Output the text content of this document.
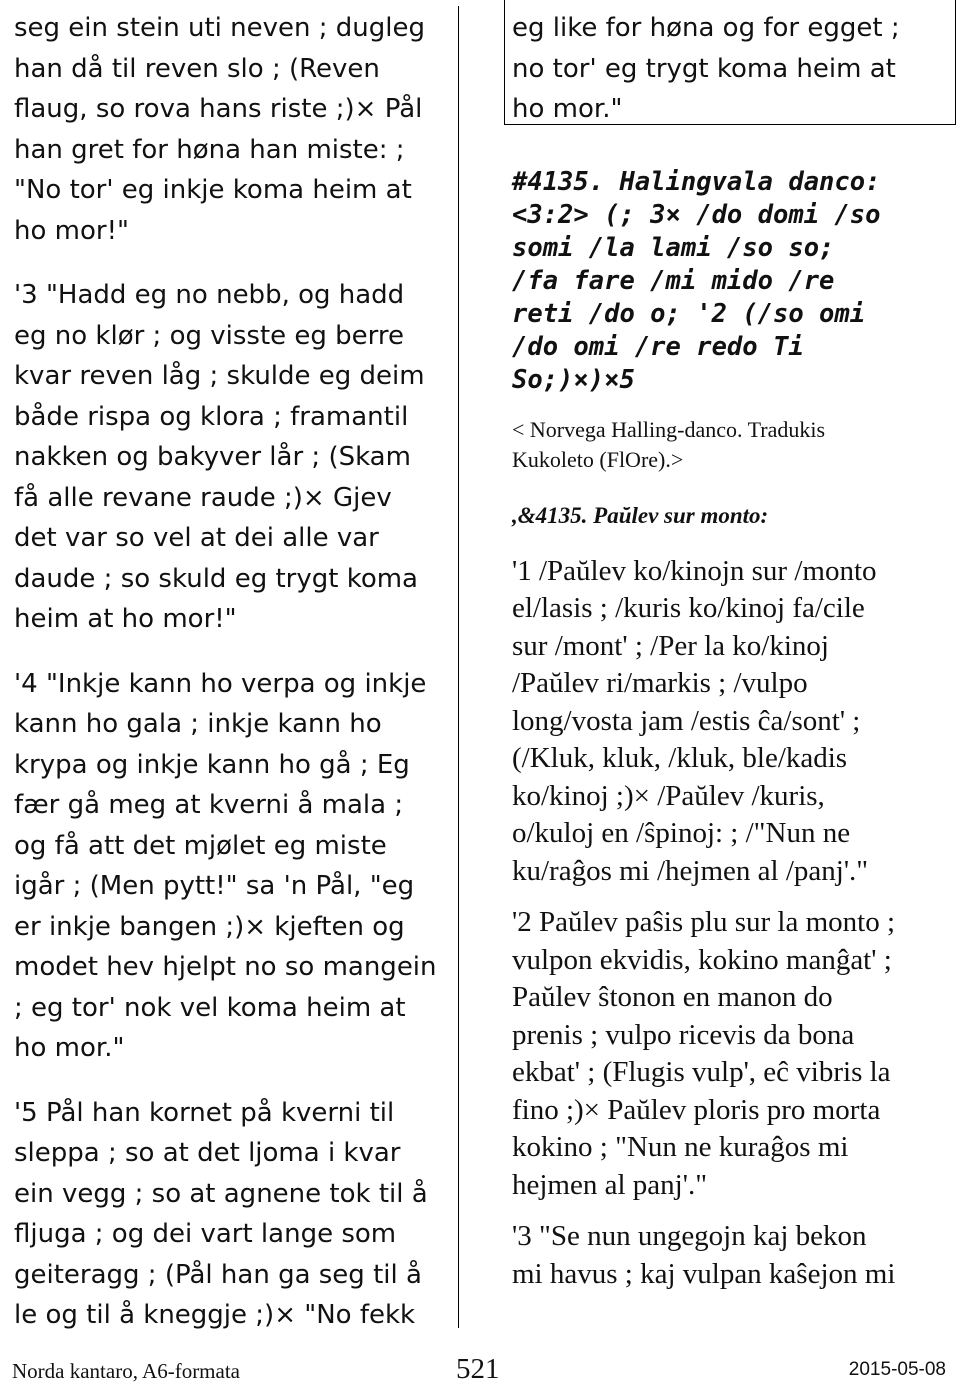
seg ein stein uti neven ; dugleg
han då til reven slo ; (Reven
flaug, so rova hans riste ;)× Pål
han gret for høna han miste: ;
"No tor' eg inkje koma heim at
ho mor!"
'3 "Hadd eg no nebb, og hadd
eg no klør ; og visste eg berre
kvar reven låg ; skulde eg deim
både rispa og klora ; framantil
nakken og bakyver lår ; (Skam
få alle revane raude ;)× Gjev
det var so vel at dei alle var
daude ; so skuld eg trygt koma
heim at ho mor!"
'4 "Inkje kann ho verpa og inkje
kann ho gala ; inkje kann ho
krypa og inkje kann ho gå ; Eg
fær gå meg at kverni å mala ;
og få att det mjølet eg miste
igår ; (Men pytt!" sa 'n Pål, "eg
er inkje bangen ;)× kjeften og
modet hev hjelpt no so mangein
; eg tor' nok vel koma heim at
ho mor."
'5 Pål han kornet på kverni til
sleppa ; so at det ljoma i kvar
ein vegg ; so at agnene tok til å
fljuga ; og dei vart lange som
geiteragg ; (Pål han ga seg til å
le og til å kneggje ;)× "No fekk
eg like for høna og for egget ;
no tor' eg trygt koma heim at
ho mor."
#4135. Halingvala danco:
<3:2> (; 3× /do domi /so
somi /la lami /so so;
/fa fare /mi mido /re
reti /do o; '2 (/so omi
/do omi /re redo Ti
So;)×)×5
< Norvega Halling-danco. Tradukis
Kukoleto (FlOre).>
,&4135. Paŭlev sur monto:
'1 /Paŭlev ko/kinojn sur /monto
el/lasis ; /kuris ko/kinoj fa/cile
sur /mont' ; /Per la ko/kinoj
/Paŭlev ri/markis ; /vulpo
long/vosta jam /estis ĉa/sont' ;
(/Kluk, kluk, /kluk, ble/kadis
ko/kinoj ;)× /Paŭlev /kuris,
o/kuloj en /ŝpinoj: ; /"Nun ne
ku/raĝos mi /hejmen al /panj'."
'2 Paŭlev paŝis plu sur la monto ;
vulpon ekvidis, kokino manĝat' ;
Paŭlev ŝtonon en manon do
prenis ; vulpo ricevis da bona
ekbat' ; (Flugis vulp', eĉ vibris la
fino ;)× Paŭlev ploris pro morta
kokino ; "Nun ne kuraĝos mi
hejmen al panj'."
'3 "Se nun ungegojn kaj bekon
mi havus ; kaj vulpan kaŝejon mi
Norda kantaro, A6-formata	521	2015-05-08
